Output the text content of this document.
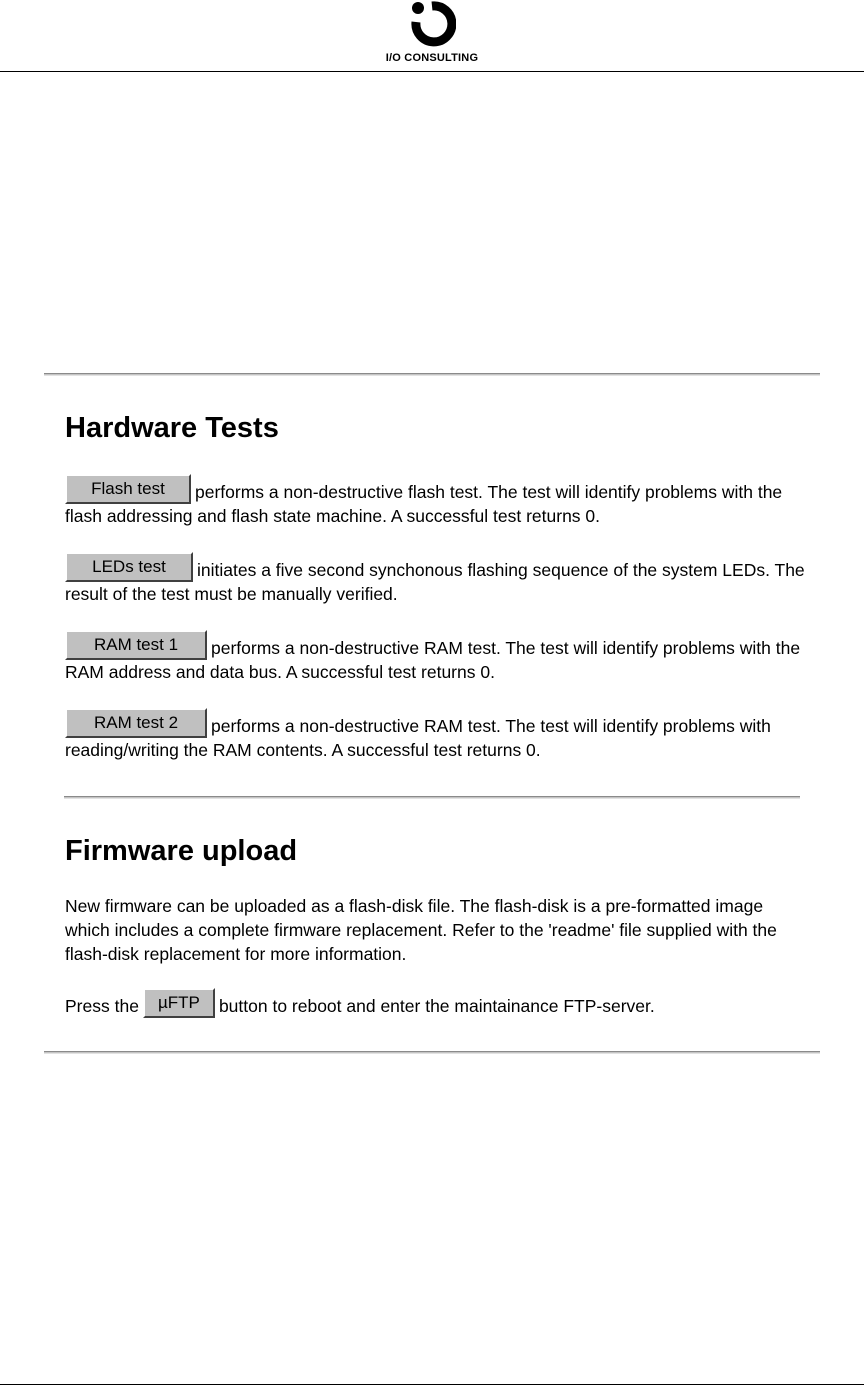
I/O CONSULTING
Hardware Tests

Flash test performs a non-destructive flash test. The test will identify problems with the flash addressing and flash state machine. A successful test returns 0.

LEDs test initiates a five second synchonous flashing sequence of the system LEDs. The result of the test must be manually verified.

RAM test 1 performs a non-destructive RAM test. The test will identify problems with the RAM address and data bus. A successful test returns 0.

RAM test 2 performs a non-destructive RAM test. The test will identify problems with reading/writing the RAM contents. A successful test returns 0.

Firmware upload

New firmware can be uploaded as a flash-disk file. The flash-disk is a pre-formatted image which includes a complete firmware replacement. Refer to the 'readme' file supplied with the flash-disk replacement for more information.

Press the µFTP button to reboot and enter the maintainance FTP-server.
